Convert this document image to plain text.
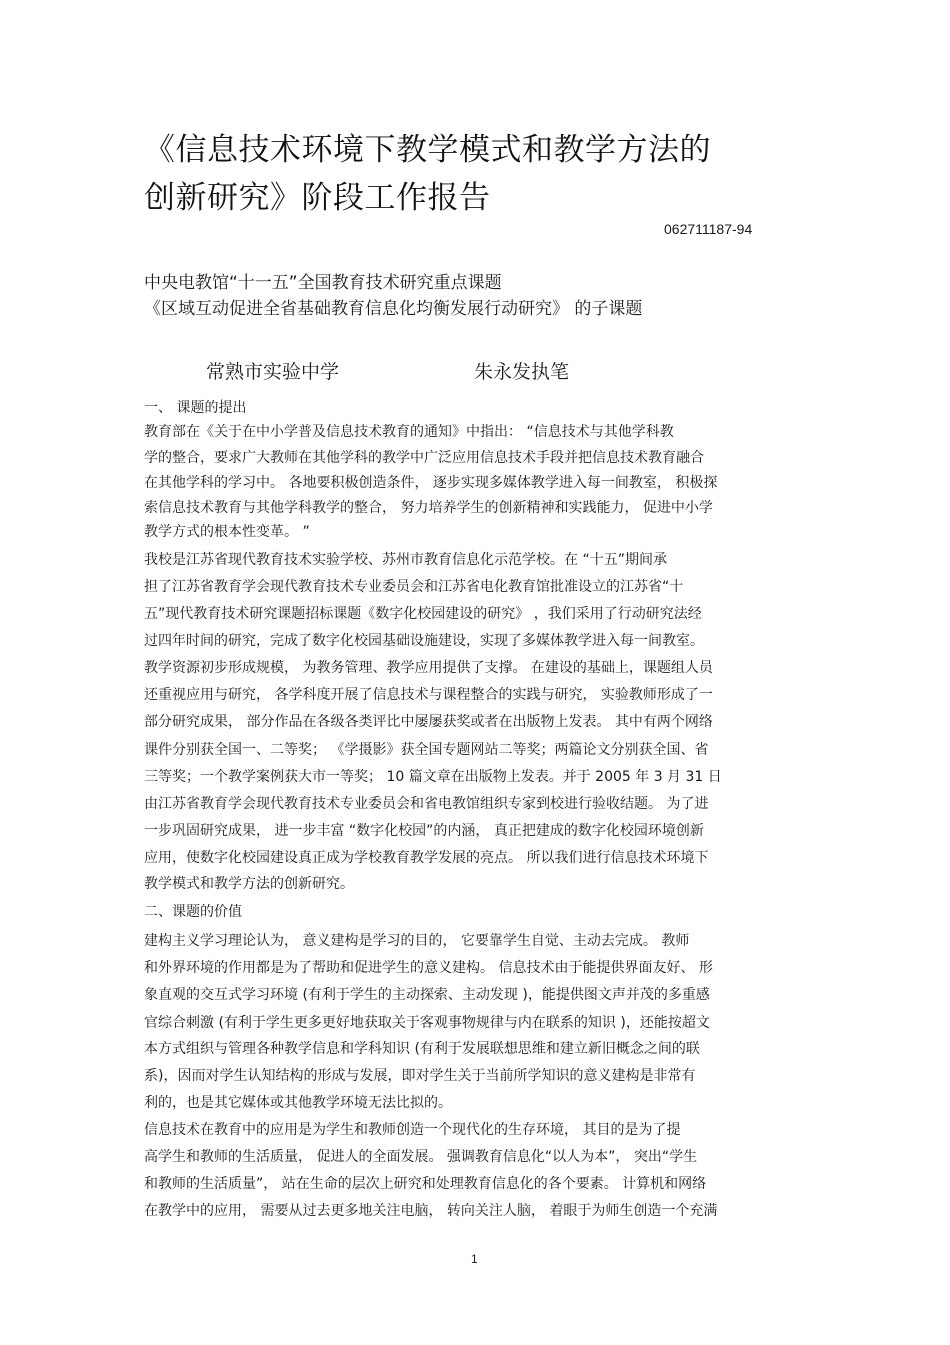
《信息技术环境下教学模式和教学方法的
创新研究》阶段工作报告
062711187-94
中央电教馆“十一五”全国教育技术研究重点课题
《区域互动促进全省基础教育信息化均衡发展行动研究》 的子课题
常熟市实验中学	朱永发执笔
一、 课题的提出
教育部在《关于在中小学普及信息技术教育的通知》中指出： “信息技术与其他学科教
学的整合，要求广大教师在其他学科的教学中广泛应用信息技术手段并把信息技术教育融合
在其他学科的学习中。 各地要积极创造条件， 逐步实现多媒体教学进入每一间教室， 积极探
索信息技术教育与其他学科教学的整合， 努力培养学生的创新精神和实践能力， 促进中小学
教学方式的根本性变革。 ”
我校是江苏省现代教育技术实验学校、苏州市教育信息化示范学校。在 “十五”期间承
担了江苏省教育学会现代教育技术专业委员会和江苏省电化教育馆批准设立的江苏省“十
五”现代教育技术研究课题招标课题《数字化校园建设的研究》 ，我们采用了行动研究法经
过四年时间的研究，完成了数字化校园基础设施建设，实现了多媒体教学进入每一间教室。
教学资源初步形成规模， 为教务管理、教学应用提供了支撑。 在建设的基础上，课题组人员
还重视应用与研究， 各学科度开展了信息技术与课程整合的实践与研究， 实验教师形成了一
部分研究成果， 部分作品在各级各类评比中屡屡获奖或者在出版物上发表。 其中有两个网络
课件分别获全国一、二等奖； 《学摄影》获全国专题网站二等奖；两篇论文分别获全国、省
三等奖；一个教学案例获大市一等奖； 10 篇文章在出版物上发表。并于 2005 年 3 月 31 日
由江苏省教育学会现代教育技术专业委员会和省电教馆组织专家到校进行验收结题。 为了进
一步巩固研究成果， 进一步丰富 “数字化校园”的内涵， 真正把建成的数字化校园环境创新
应用，使数字化校园建设真正成为学校教育教学发展的亮点。 所以我们进行信息技术环境下
教学模式和教学方法的创新研究。
二、课题的价值
建构主义学习理论认为， 意义建构是学习的目的， 它要靠学生自觉、主动去完成。 教师
和外界环境的作用都是为了帮助和促进学生的意义建构。 信息技术由于能提供界面友好、 形
象直观的交互式学习环境 (有利于学生的主动探索、主动发现 )，能提供图文声并茂的多重感
官综合刺激 (有利于学生更多更好地获取关于客观事物规律与内在联系的知识 )，还能按超文
本方式组织与管理各种教学信息和学科知识 (有利于发展联想思维和建立新旧概念之间的联
系)，因而对学生认知结构的形成与发展，即对学生关于当前所学知识的意义建构是非常有
利的，也是其它媒体或其他教学环境无法比拟的。
信息技术在教育中的应用是为学生和教师创造一个现代化的生存环境， 其目的是为了提
高学生和教师的生活质量， 促进人的全面发展。 强调教育信息化“以人为本”， 突出“学生
和教师的生活质量”， 站在生命的层次上研究和处理教育信息化的各个要素。 计算机和网络
在教学中的应用， 需要从过去更多地关注电脑， 转向关注人脑， 着眼于为师生创造一个充满
1
